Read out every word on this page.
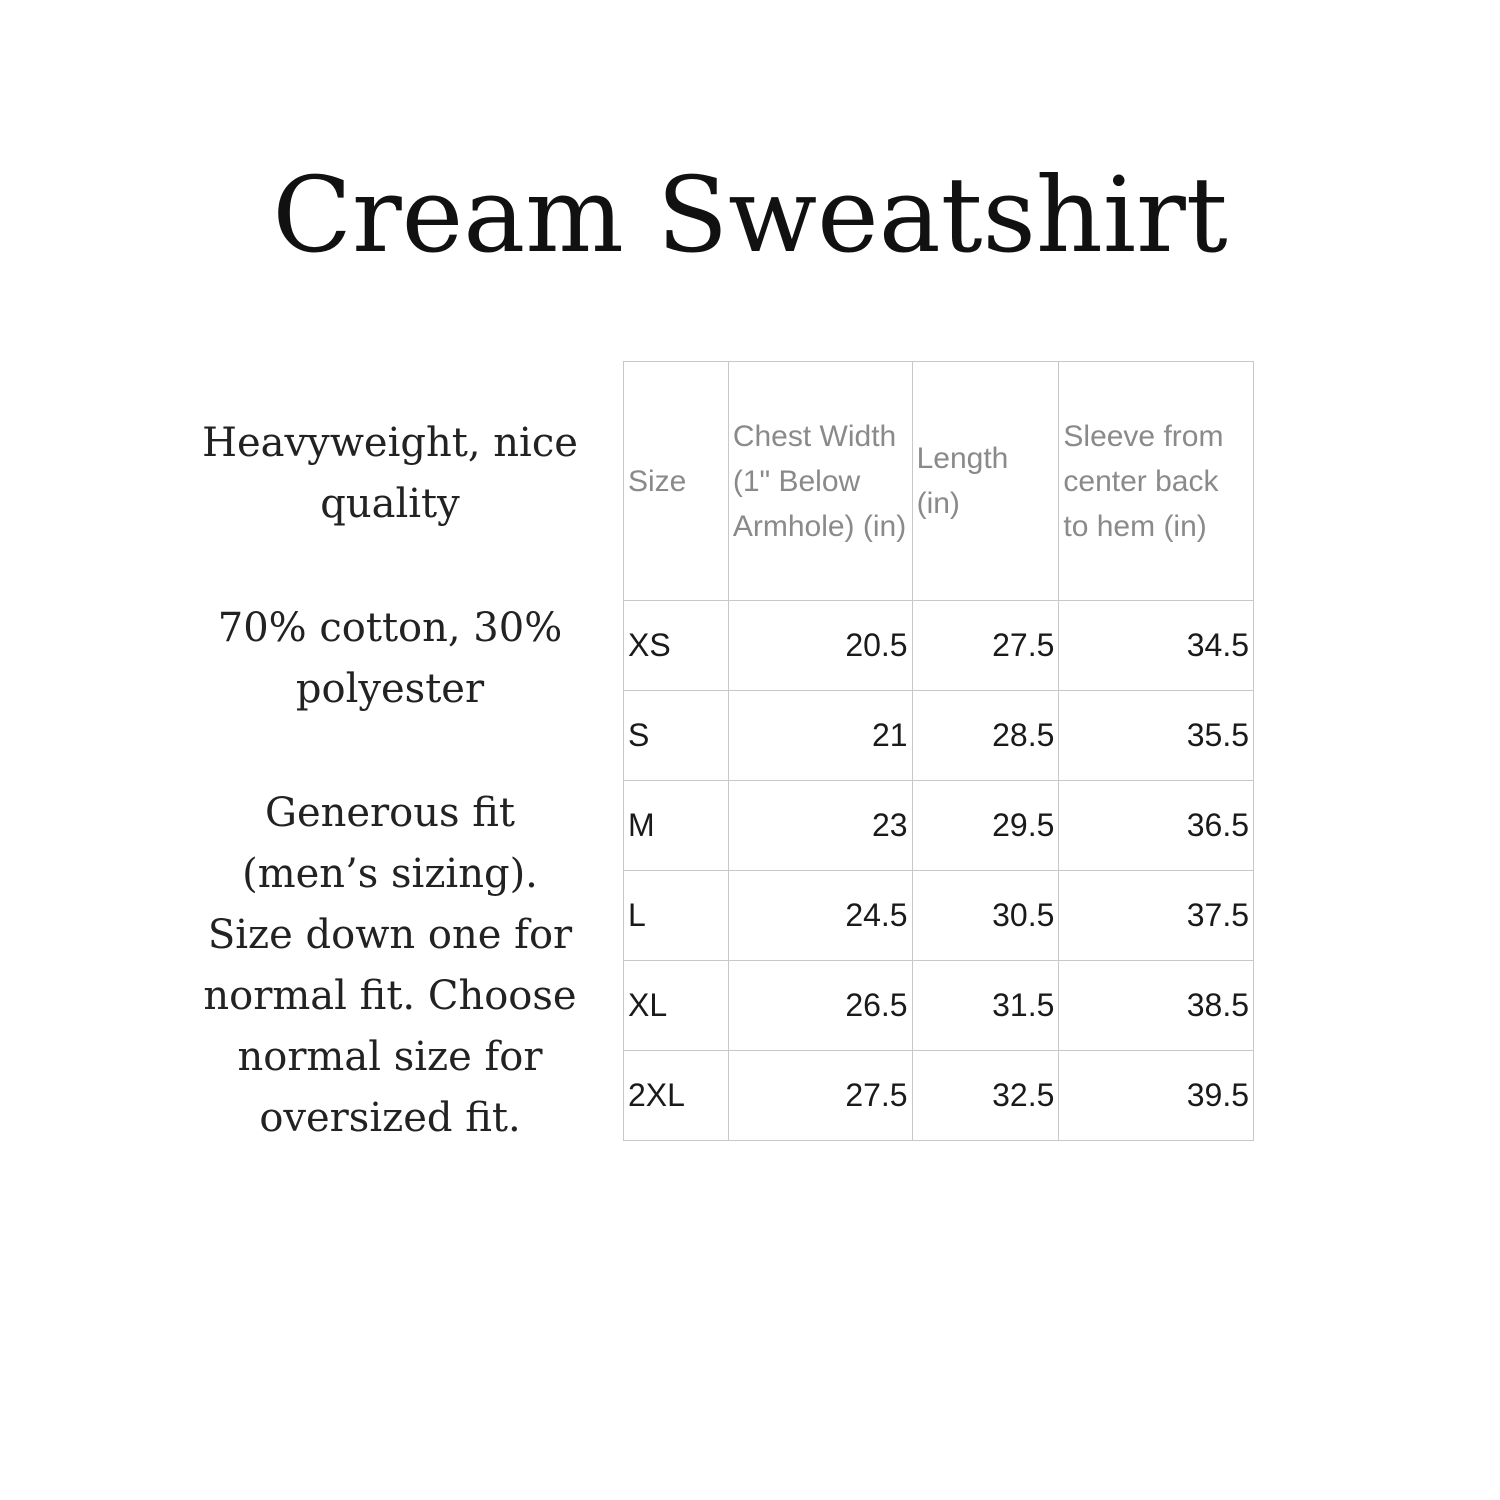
Cream Sweatshirt

Heavyweight, nice quality

70% cotton, 30% polyester

Generous fit (men’s sizing). Size down one for normal fit. Choose normal size for oversized fit.

Size	Chest Width (1" Below Armhole) (in)	Length (in)	Sleeve from center back to hem (in)
XS	20.5	27.5	34.5
S	21	28.5	35.5
M	23	29.5	36.5
L	24.5	30.5	37.5
XL	26.5	31.5	38.5
2XL	27.5	32.5	39.5
